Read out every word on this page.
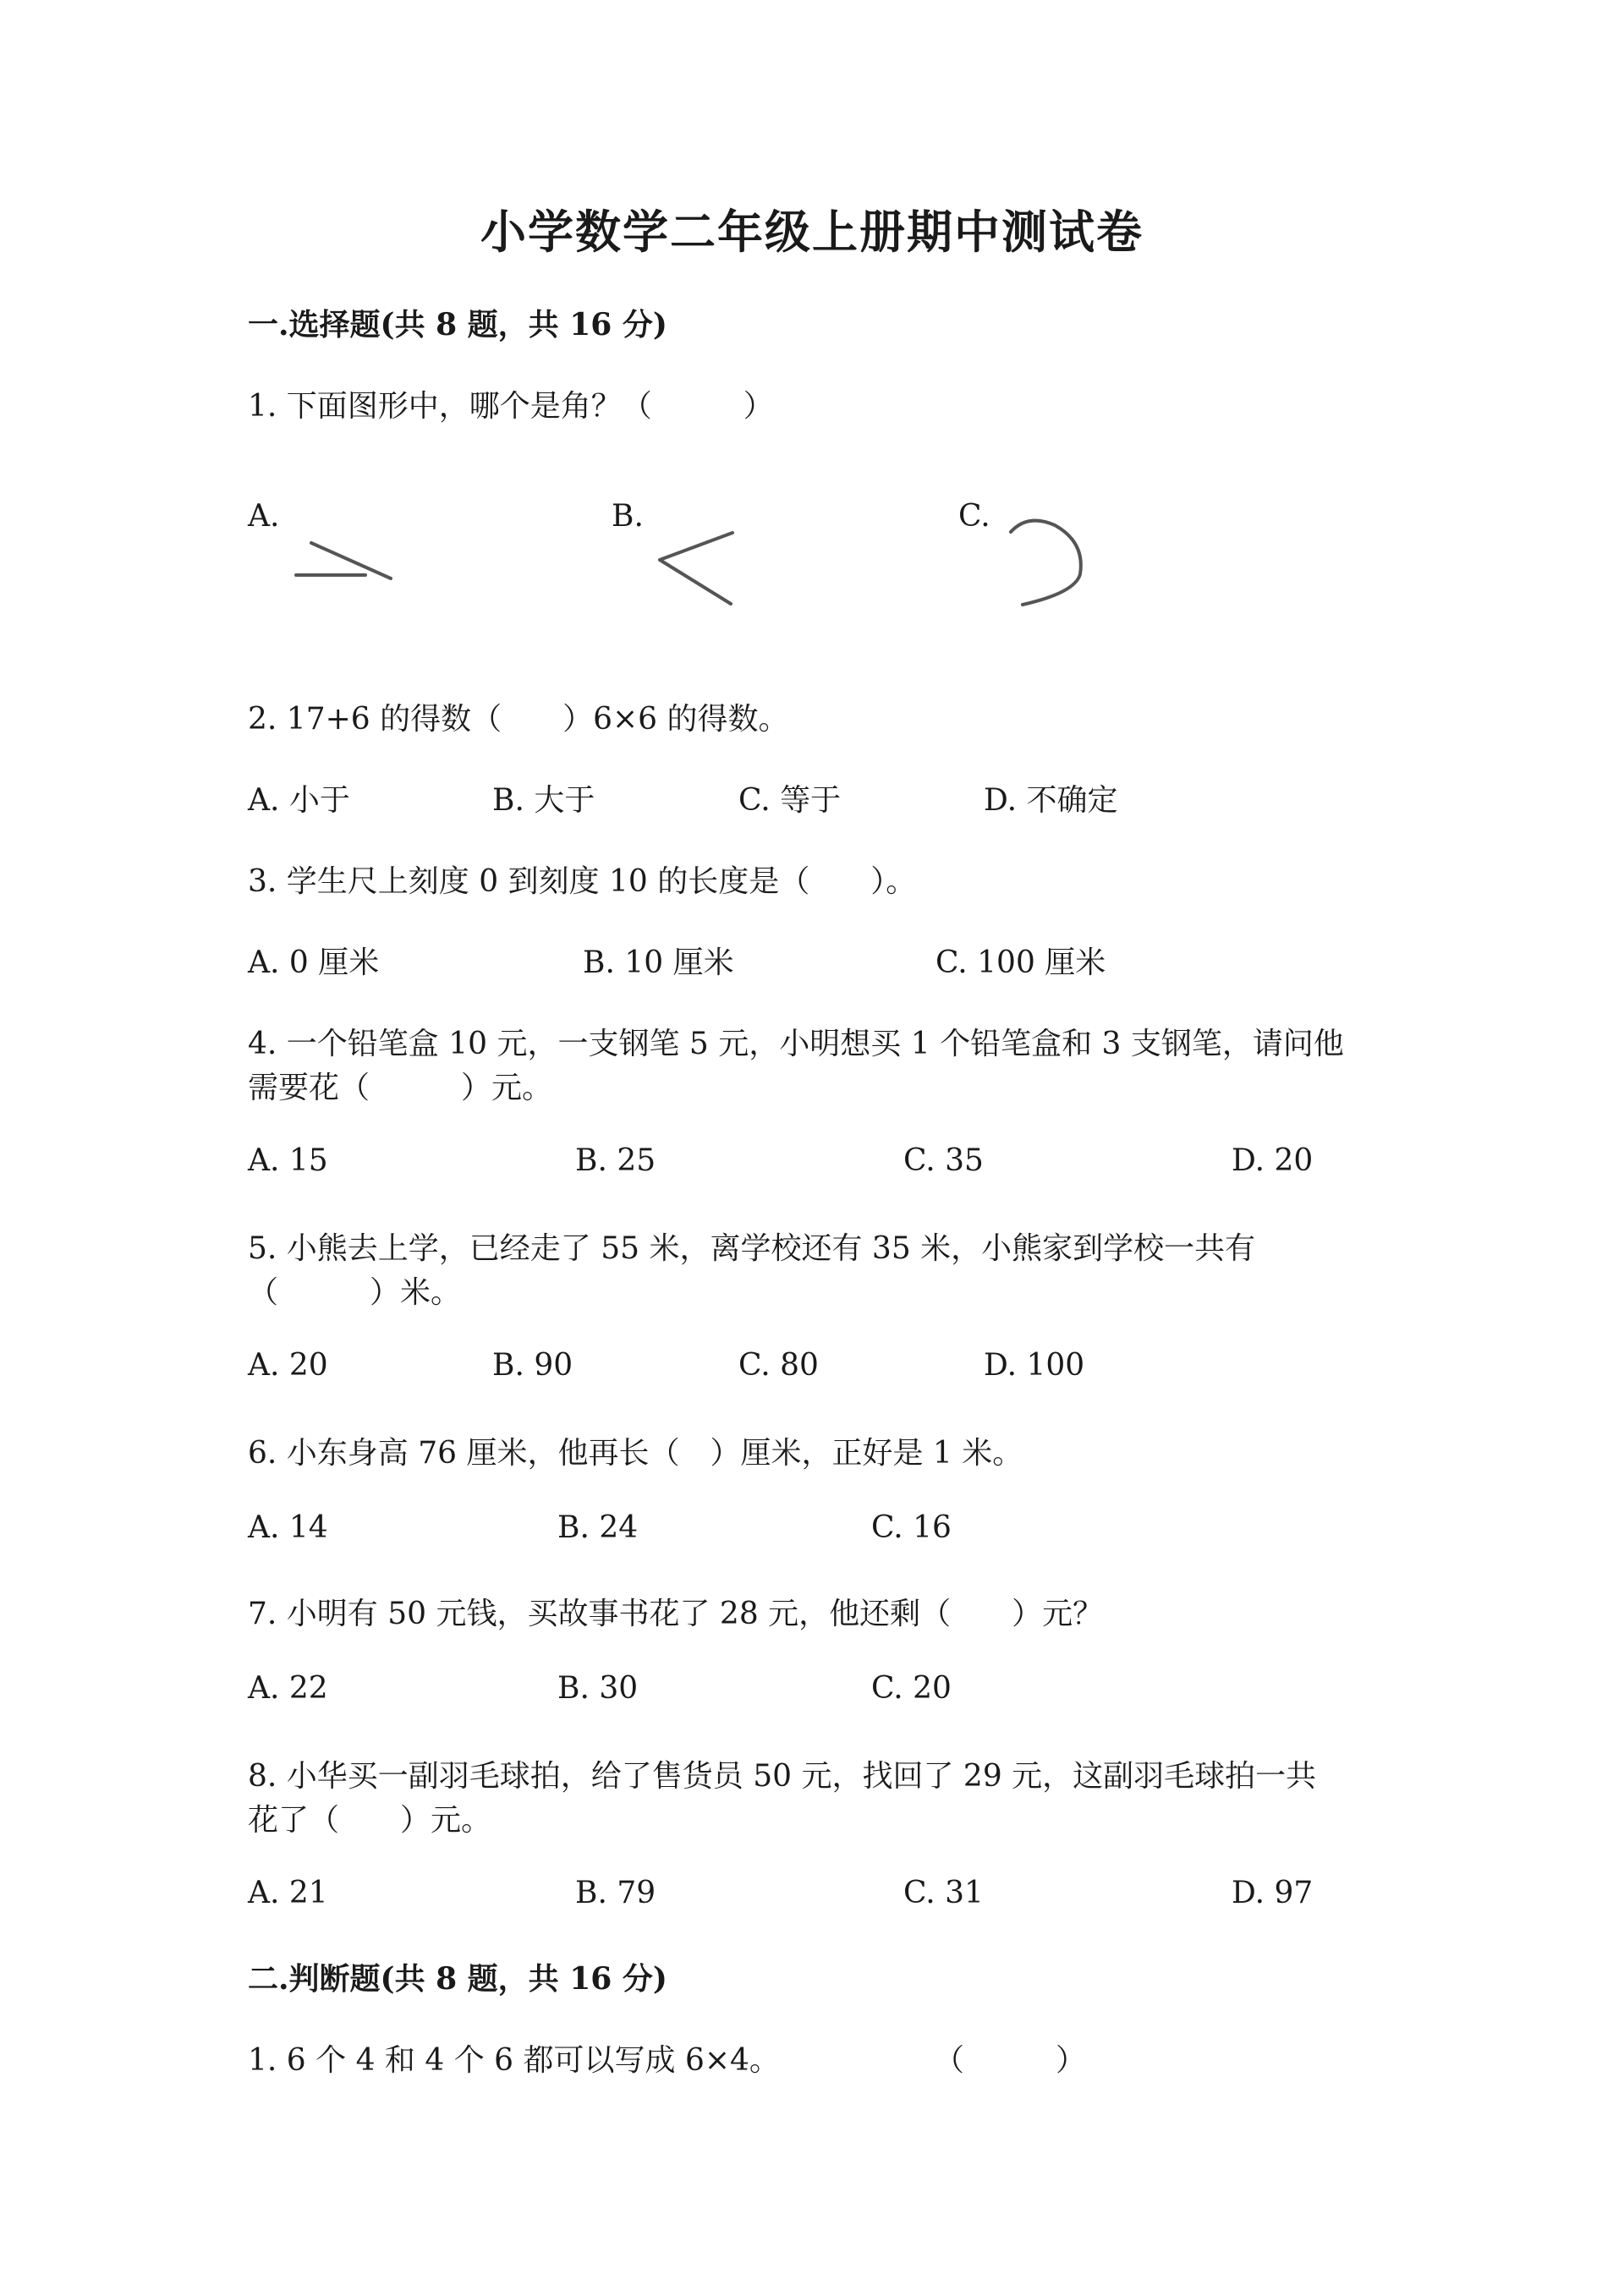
小学数学二年级上册期中测试卷
一.选择题(共 8 题，共 16 分)
1. 下面图形中，哪个是角？（　　　）
A.	B.	C.
2. 17+6 的得数（　　）6×6 的得数。
A. 小于	B. 大于	C. 等于	D. 不确定
3. 学生尺上刻度 0 到刻度 10 的长度是（　　）。
A. 0 厘米	B. 10 厘米	C. 100 厘米
4. 一个铅笔盒 10 元，一支钢笔 5 元，小明想买 1 个铅笔盒和 3 支钢笔，请问他
需要花（　　　）元。
A. 15	B. 25	C. 35	D. 20
5. 小熊去上学，已经走了 55 米，离学校还有 35 米，小熊家到学校一共有
（　　　）米。
A. 20	B. 90	C. 80	D. 100
6. 小东身高 76 厘米，他再长（　）厘米，正好是 1 米。
A. 14	B. 24	C. 16
7. 小明有 50 元钱，买故事书花了 28 元，他还剩（　　）元？
A. 22	B. 30	C. 20
8. 小华买一副羽毛球拍，给了售货员 50 元，找回了 29 元，这副羽毛球拍一共
花了（　　）元。
A. 21	B. 79	C. 31	D. 97
二.判断题(共 8 题，共 16 分)
1. 6 个 4 和 4 个 6 都可以写成 6×4。	（　　　）
